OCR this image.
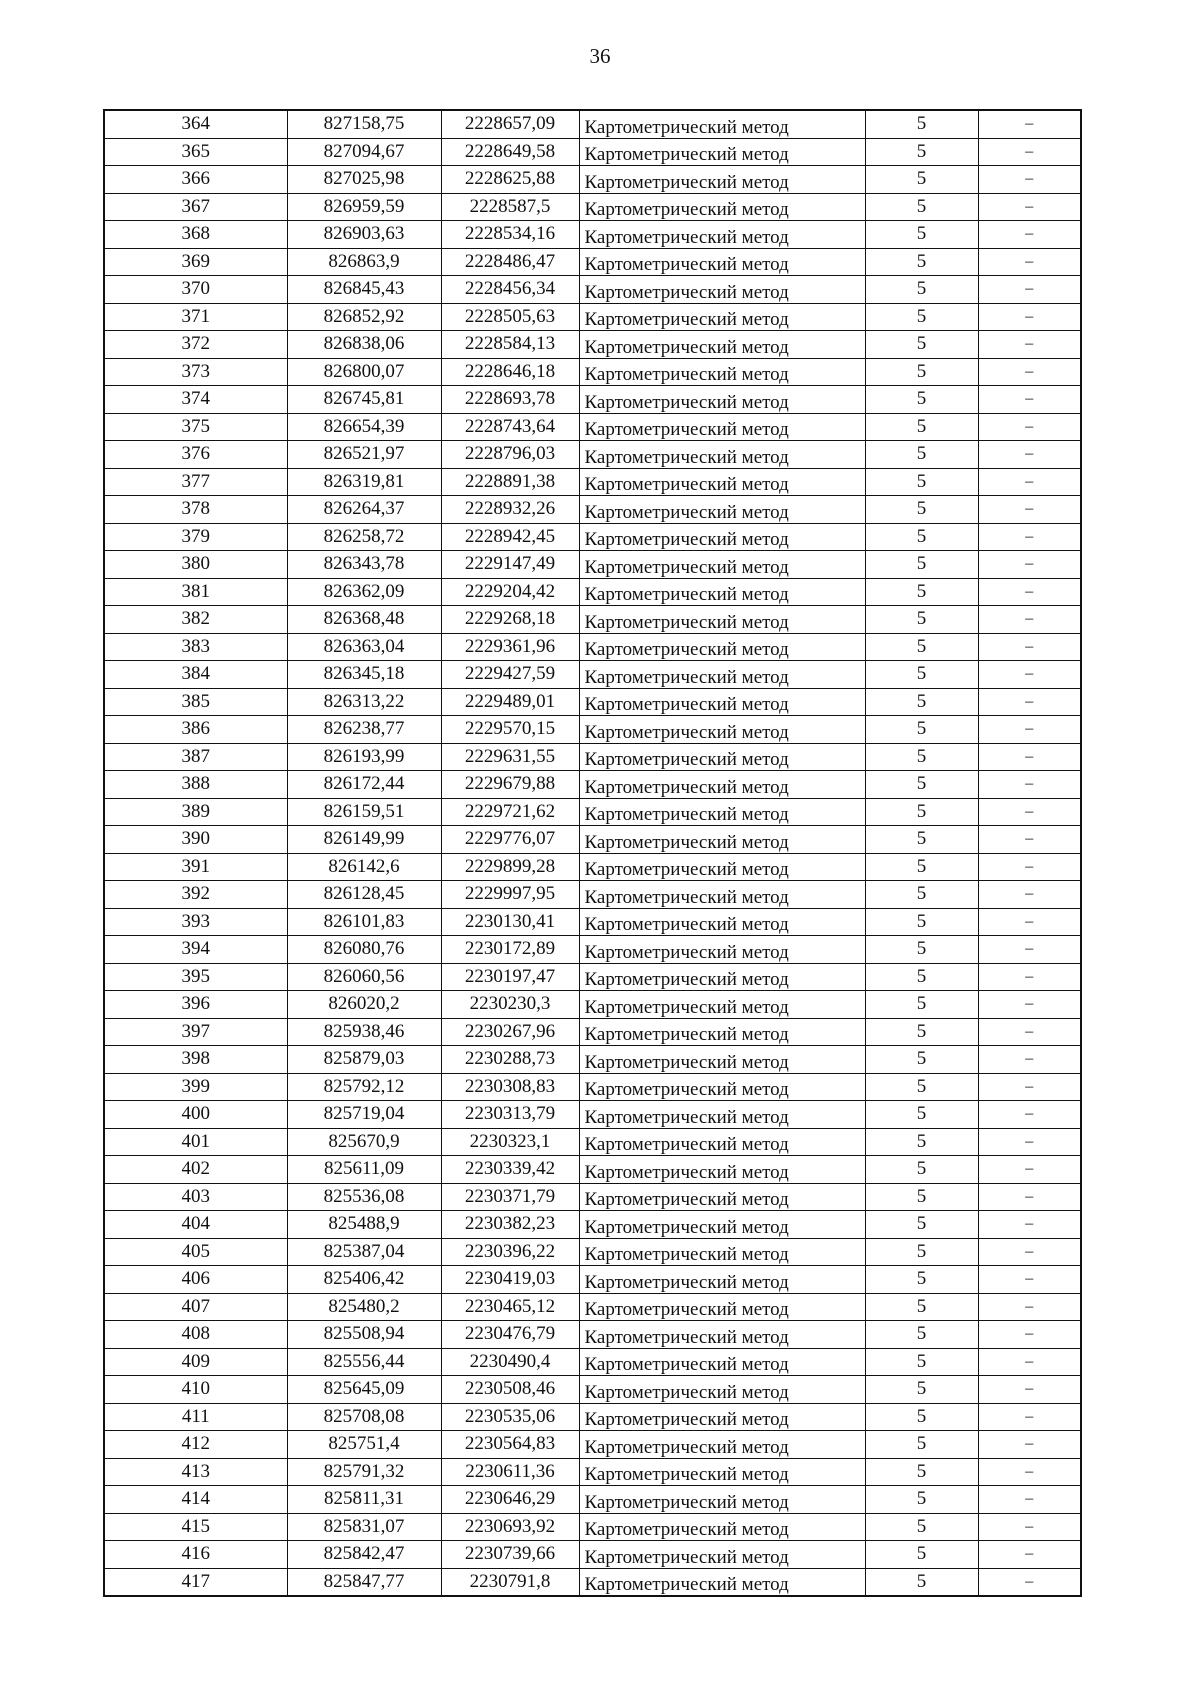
36
364	827158,75	2228657,09	Картометрический метод	5	–
365	827094,67	2228649,58	Картометрический метод	5	–
366	827025,98	2228625,88	Картометрический метод	5	–
367	826959,59	2228587,5	Картометрический метод	5	–
368	826903,63	2228534,16	Картометрический метод	5	–
369	826863,9	2228486,47	Картометрический метод	5	–
370	826845,43	2228456,34	Картометрический метод	5	–
371	826852,92	2228505,63	Картометрический метод	5	–
372	826838,06	2228584,13	Картометрический метод	5	–
373	826800,07	2228646,18	Картометрический метод	5	–
374	826745,81	2228693,78	Картометрический метод	5	–
375	826654,39	2228743,64	Картометрический метод	5	–
376	826521,97	2228796,03	Картометрический метод	5	–
377	826319,81	2228891,38	Картометрический метод	5	–
378	826264,37	2228932,26	Картометрический метод	5	–
379	826258,72	2228942,45	Картометрический метод	5	–
380	826343,78	2229147,49	Картометрический метод	5	–
381	826362,09	2229204,42	Картометрический метод	5	–
382	826368,48	2229268,18	Картометрический метод	5	–
383	826363,04	2229361,96	Картометрический метод	5	–
384	826345,18	2229427,59	Картометрический метод	5	–
385	826313,22	2229489,01	Картометрический метод	5	–
386	826238,77	2229570,15	Картометрический метод	5	–
387	826193,99	2229631,55	Картометрический метод	5	–
388	826172,44	2229679,88	Картометрический метод	5	–
389	826159,51	2229721,62	Картометрический метод	5	–
390	826149,99	2229776,07	Картометрический метод	5	–
391	826142,6	2229899,28	Картометрический метод	5	–
392	826128,45	2229997,95	Картометрический метод	5	–
393	826101,83	2230130,41	Картометрический метод	5	–
394	826080,76	2230172,89	Картометрический метод	5	–
395	826060,56	2230197,47	Картометрический метод	5	–
396	826020,2	2230230,3	Картометрический метод	5	–
397	825938,46	2230267,96	Картометрический метод	5	–
398	825879,03	2230288,73	Картометрический метод	5	–
399	825792,12	2230308,83	Картометрический метод	5	–
400	825719,04	2230313,79	Картометрический метод	5	–
401	825670,9	2230323,1	Картометрический метод	5	–
402	825611,09	2230339,42	Картометрический метод	5	–
403	825536,08	2230371,79	Картометрический метод	5	–
404	825488,9	2230382,23	Картометрический метод	5	–
405	825387,04	2230396,22	Картометрический метод	5	–
406	825406,42	2230419,03	Картометрический метод	5	–
407	825480,2	2230465,12	Картометрический метод	5	–
408	825508,94	2230476,79	Картометрический метод	5	–
409	825556,44	2230490,4	Картометрический метод	5	–
410	825645,09	2230508,46	Картометрический метод	5	–
411	825708,08	2230535,06	Картометрический метод	5	–
412	825751,4	2230564,83	Картометрический метод	5	–
413	825791,32	2230611,36	Картометрический метод	5	–
414	825811,31	2230646,29	Картометрический метод	5	–
415	825831,07	2230693,92	Картометрический метод	5	–
416	825842,47	2230739,66	Картометрический метод	5	–
417	825847,77	2230791,8	Картометрический метод	5	–
